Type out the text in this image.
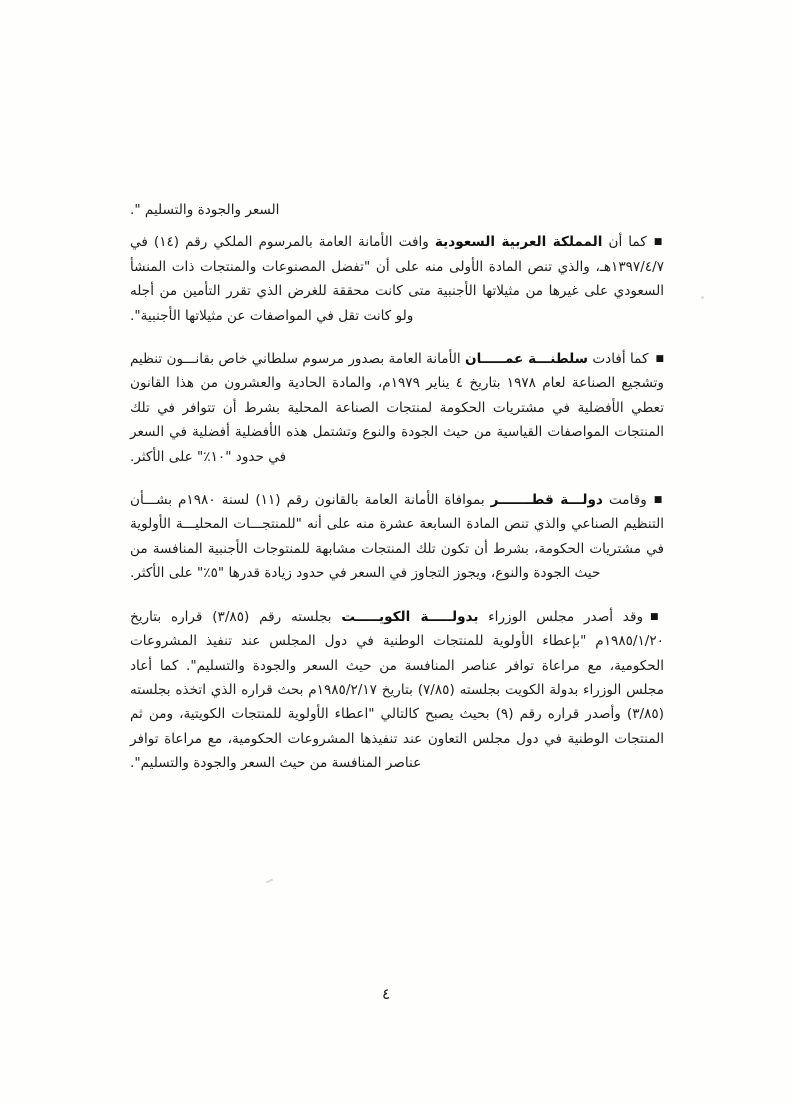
السعر والجودة والتسليم ".

■كما أن المملكة العربية السعودية وافت الأمانة العامة بالمرسوم الملكي رقم (١٤) في ١٣٩٧/٤/٧هـ، والذي تنص المادة الأولى منه على أن "تفضل المصنوعات والمنتجات ذات المنشأ السعودي على غيرها من مثيلاتها الأجنبية متى كانت محققة للغرض الذي تقرر التأمين من أجله ولو كانت تقل في المواصفات عن مثيلاتها الأجنبية".

■كما أفادت سلطنـــة عمـــــان الأمانة العامة بصدور مرسوم سلطاني خاص بقانـــون تنظيم وتشجيع الصناعة لعام ١٩٧٨ بتاريخ ٤ يناير ١٩٧٩م، والمادة الحادية والعشرون من هذا القانون تعطي الأفضلية في مشتريات الحكومة لمنتجات الصناعة المحلية بشرط أن تتوافر في تلك المنتجات المواصفات القياسية من حيث الجودة والنوع وتشتمل هذه الأفضلية أفضلية في السعر في حدود "١٠٪" على الأكثر.

■وقامت دولـــة قطـــــــر بموافاة الأمانة العامة بالقانون رقم (١١) لسنة ١٩٨٠م بشـــأن التنظيم الصناعي والذي تنص المادة السابعة عشرة منه على أنه "للمنتجـــات المحليـــة الأولوية في مشتريات الحكومة، بشرط أن تكون تلك المنتجات مشابهة للمنتوجات الأجنبية المنافسة من حيث الجودة والنوع، ويجوز التجاوز في السعر في حدود زيادة قدرها "٥٪" على الأكثر.

■وقد أصدر مجلس الوزراء بدولـــــة الكويـــــت بجلسته رقم (٣/٨٥) قراره بتاريخ ١٩٨٥/١/٢٠م "بإعطاء الأولوية للمنتجات الوطنية في دول المجلس عند تنفيذ المشروعات الحكومية، مع مراعاة توافر عناصر المنافسة من حيث السعر والجودة والتسليم". كما أعاد مجلس الوزراء بدولة الكويت بجلسته (٧/٨٥) بتاريخ ١٩٨٥/٢/١٧م بحث قراره الذي اتخذه بجلسته (٣/٨٥) وأصدر قراره رقم (٩) بحيث يصبح كالتالي "اعطاء الأولوية للمنتجات الكويتية، ومن ثم المنتجات الوطنية في دول مجلس التعاون عند تنفيذها المشروعات الحكومية، مع مراعاة توافر عناصر المنافسة من حيث السعر والجودة والتسليم".

٤
